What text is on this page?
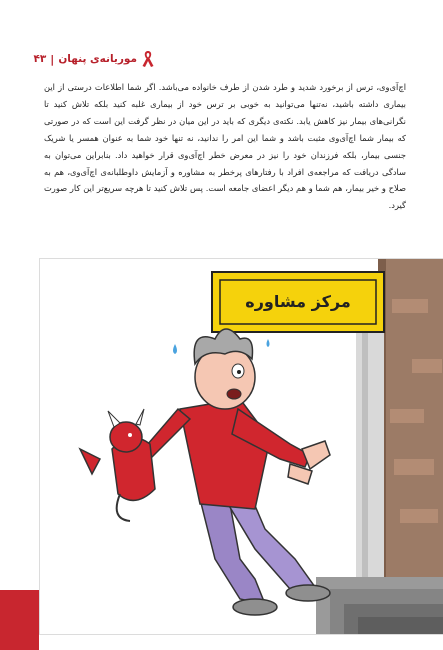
موریانه‌ی پنهان
|
۴۳
اچ‌آی‌وی، ترس از برخورد شدید و طرد شدن از طرف خانواده می‌باشد. اگر شما اطلاعات درستی از این بیماری داشته باشید، نه‌تنها می‌توانید به خوبی بر ترس خود از بیماری غلبه کنید بلکه تلاش کنید تا نگرانی‌های بیمار نیز کاهش یابد. نکته‌ی دیگری که باید در این میان در نظر گرفت این است که در صورتی که بیمار شما اچ‌آی‌وی مثبت باشد و شما این امر را ندانید، نه تنها خود شما به عنوان همسر یا شریک جنسی بیمار، بلکه فرزندان خود را نیز در معرض خطر اچ‌آی‌وی قرار خواهید داد. بنابراین می‌توان به سادگی دریافت که مراجعه‌ی افراد با رفتارهای پرخطر به مشاوره و آزمایش داوطلبانه‌ی اچ‌آی‌وی، هم به صلاح و خیر بیمار، هم شما و هم دیگر اعضای جامعه است. پس تلاش کنید تا هرچه سریع‌تر این کار صورت گیرد.
مرکز مشاوره
